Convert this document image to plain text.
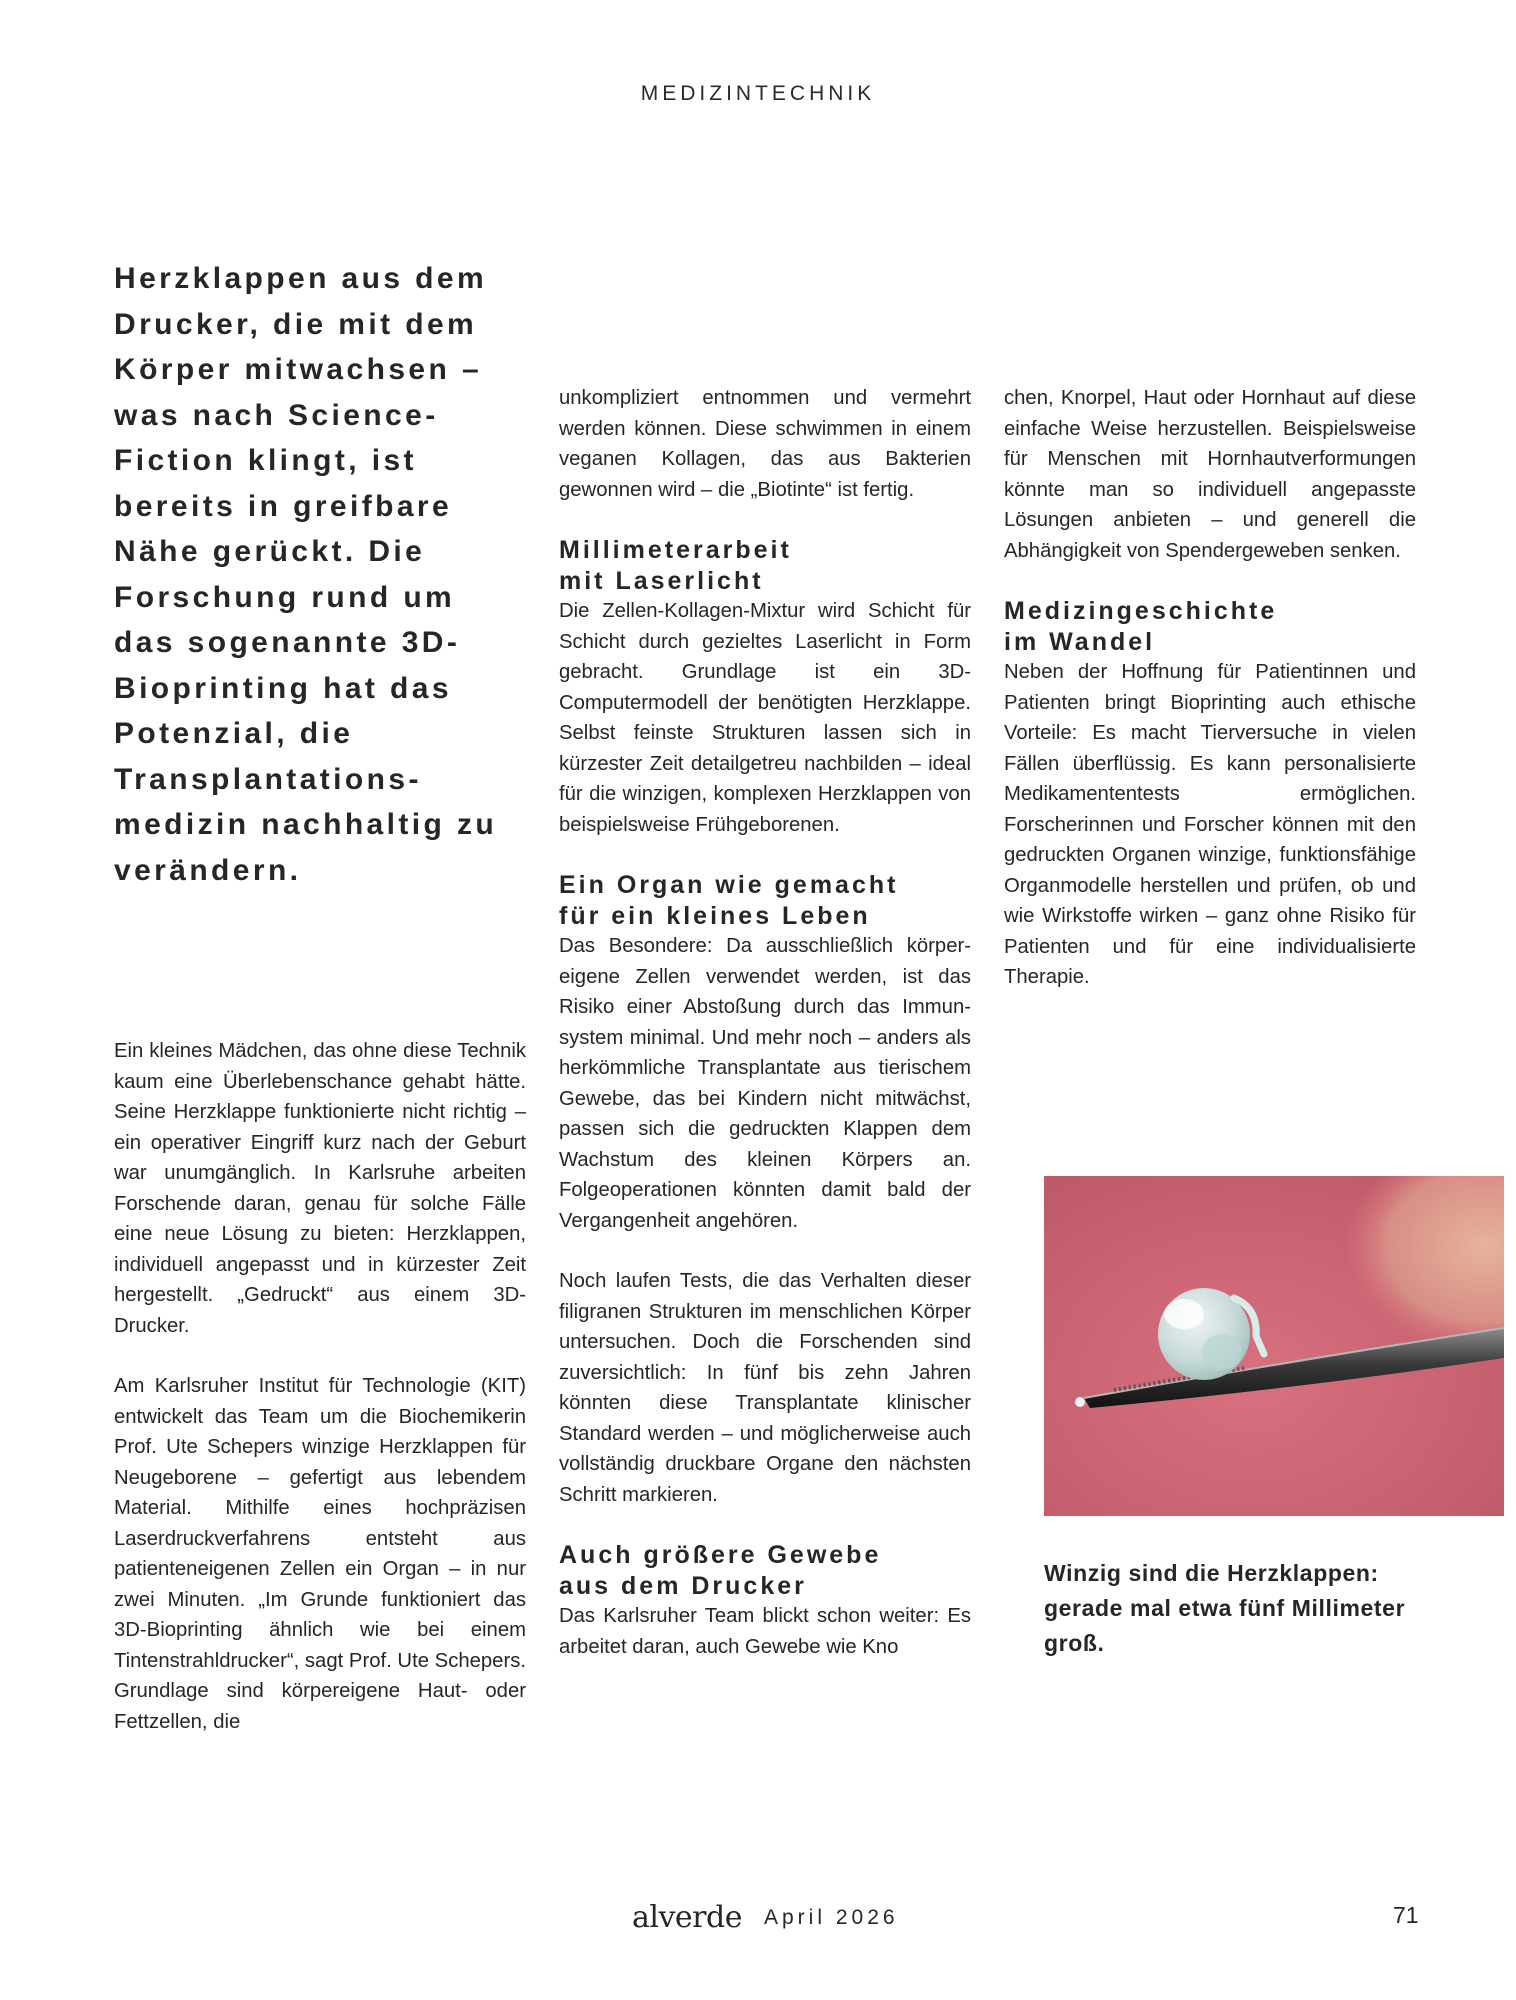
MEDIZINTECHNIK

Herzklappen aus dem Drucker, die mit dem Körper mitwachsen – was nach Science-Fiction klingt, ist bereits in greifbare Nähe gerückt. Die Forschung rund um das sogenannte 3D-Bioprinting hat das Potenzial, die Transplantationsmedizin nachhaltig zu verändern.

Ein kleines Mädchen, das ohne diese Technik kaum eine Überlebenschance gehabt hätte. Seine Herzklappe funktionierte nicht richtig – ein operativer Eingriff kurz nach der Geburt war unumgänglich. In Karlsruhe arbeiten Forschende daran, genau für solche Fälle eine neue Lösung zu bieten: Herzklappen, individuell angepasst und in kürzester Zeit hergestellt. „Gedruckt“ aus einem 3D-Drucker.

Am Karlsruher Institut für Technologie (KIT) entwickelt das Team um die Biochemikerin Prof. Ute Schepers winzige Herzklappen für Neugeborene – gefertigt aus lebendem Material. Mithilfe eines hochpräzisen Laserdruckverfahrens entsteht aus patienteneigenen Zellen ein Organ – in nur zwei Minuten. „Im Grunde funktioniert das 3D-Bioprinting ähnlich wie bei einem Tintenstrahldrucker“, sagt Prof. Ute Schepers. Grundlage sind körpereigene Haut- oder Fettzellen, die

unkompliziert entnommen und vermehrt werden können. Diese schwimmen in einem veganen Kollagen, das aus Bakterien gewonnen wird – die „Biotinte“ ist fertig.

Millimeterarbeit
mit Laserlicht

Die Zellen-Kollagen-Mixtur wird Schicht für Schicht durch gezieltes Laserlicht in Form gebracht. Grundlage ist ein 3D-Computermodell der benötigten Herzklappe. Selbst feinste Strukturen lassen sich in kürzester Zeit detailgetreu nachbilden – ideal für die winzigen, komplexen Herzklappen von beispielsweise Frühgeborenen.

Ein Organ wie gemacht
für ein kleines Leben

Das Besondere: Da ausschließlich körpereigene Zellen verwendet werden, ist das Risiko einer Abstoßung durch das Immunsystem minimal. Und mehr noch – anders als herkömmliche Transplantate aus tierischem Gewebe, das bei Kindern nicht mitwächst, passen sich die gedruckten Klappen dem Wachstum des kleinen Körpers an. Folgeoperationen könnten damit bald der Vergangenheit angehören.

Noch laufen Tests, die das Verhalten dieser filigranen Strukturen im menschlichen Körper untersuchen. Doch die Forschenden sind zuversichtlich: In fünf bis zehn Jahren könnten diese Transplantate klinischer Standard werden – und möglicherweise auch vollständig druckbare Organe den nächsten Schritt markieren.

Auch größere Gewebe
aus dem Drucker

Das Karlsruher Team blickt schon weiter: Es arbeitet daran, auch Gewebe wie Kno

chen, Knorpel, Haut oder Hornhaut auf diese einfache Weise herzustellen. Beispielsweise für Menschen mit Hornhautverformungen könnte man so individuell angepasste Lösungen anbieten – und generell die Abhängigkeit von Spendergeweben senken.

Medizingeschichte
im Wandel

Neben der Hoffnung für Patientinnen und Patienten bringt Bioprinting auch ethische Vorteile: Es macht Tierversuche in vielen Fällen überflüssig. Es kann personalisierte Medikamententests ermöglichen. Forscherinnen und Forscher können mit den gedruckten Organen winzige, funktionsfähige Organmodelle herstellen und prüfen, ob und wie Wirkstoffe wirken – ganz ohne Risiko für Patienten und für eine individualisierte Therapie.

Winzig sind die Herzklappen: gerade mal etwa fünf Millimeter groß.

alverde April 2026	71
